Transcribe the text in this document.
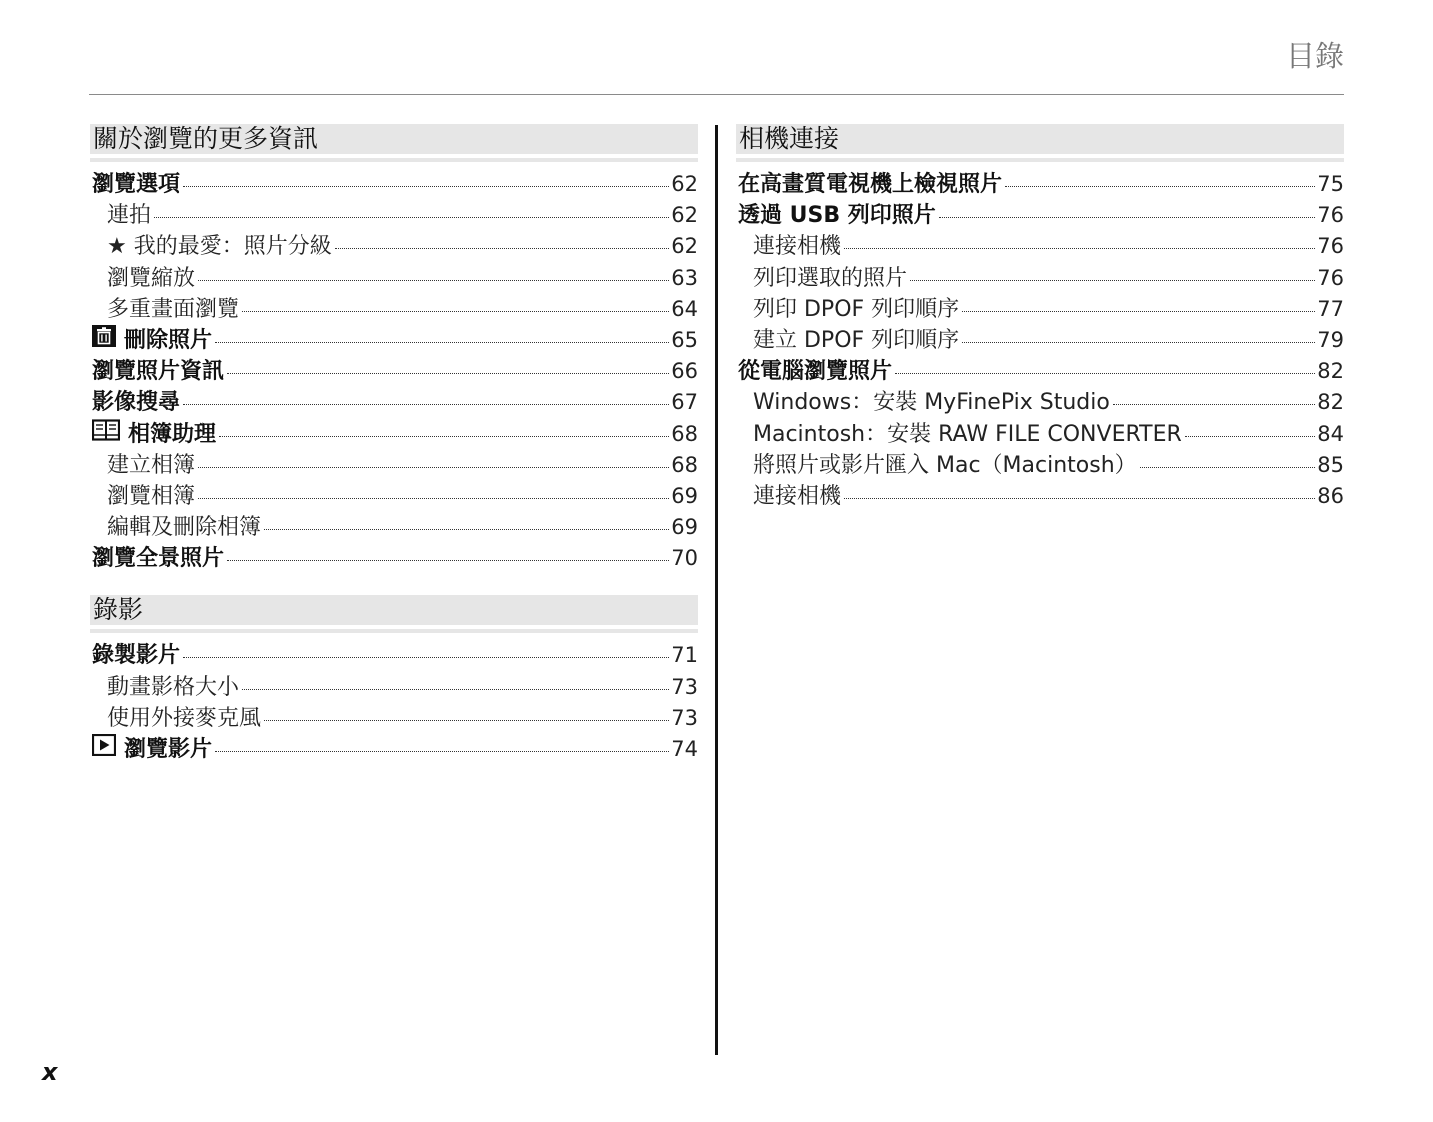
目錄
關於瀏覽的更多資訊
瀏覽選項	62
連拍	62
★ 我的最愛：照片分級	62
瀏覽縮放	63
多重畫面瀏覽	64
刪除照片	65
瀏覽照片資訊	66
影像搜尋	67
相簿助理	68
建立相簿	68
瀏覽相簿	69
編輯及刪除相簿	69
瀏覽全景照片	70
錄影
錄製影片	71
動畫影格大小	73
使用外接麥克風	73
瀏覽影片	74
相機連接
在高畫質電視機上檢視照片	75
透過 USB 列印照片	76
連接相機	76
列印選取的照片	76
列印 DPOF 列印順序	77
建立 DPOF 列印順序	79
從電腦瀏覽照片	82
Windows：安裝 MyFinePix Studio	82
Macintosh：安裝 RAW FILE CONVERTER	84
將照片或影片匯入 Mac（Macintosh）	85
連接相機	86
x
